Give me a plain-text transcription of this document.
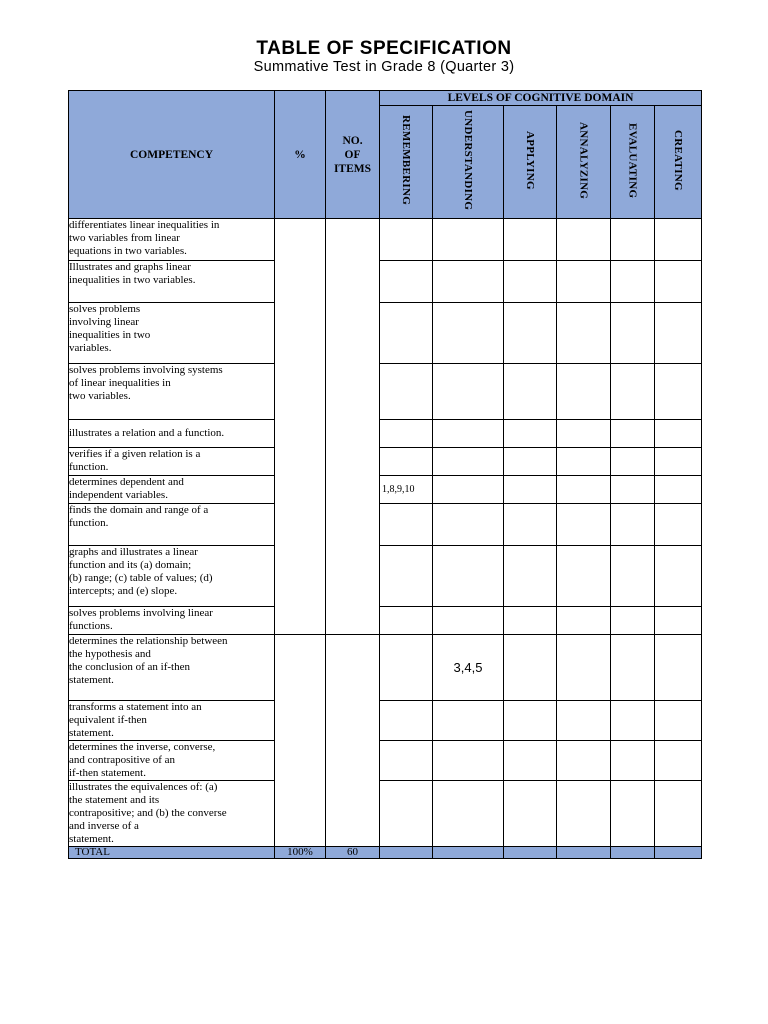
TABLE OF SPECIFICATION
Summative Test in Grade 8 (Quarter 3)
COMPETENCY	%	NO.
OF
ITEMS	LEVELS OF COGNITIVE DOMAIN					
			REMEMBERING	UNDERSTANDING	APPLYING	ANNALYZING	EVALUATING	CREATING

differentiates linear inequalities in
two variables from linear
equations in two variables.								

Illustrates and graphs linear
inequalities in two variables.								

solves problems
involving linear
inequalities in two
variables.								

solves problems involving systems
of linear inequalities in
two variables.								

illustrates a relation and a function.								

verifies if a given relation is a
function.								

determines dependent and
independent variables.			1,8,9,10					

finds the domain and range of a
function.								

graphs and illustrates a linear
function and its (a) domain;
(b) range; (c) table of values; (d)
intercepts; and (e) slope.								

solves problems involving linear
functions.								

determines the relationship between
the hypothesis and
the conclusion of an if-then
statement.				3,4,5				

transforms a statement into an
equivalent if-then
statement.								

determines the inverse, converse,
and contrapositive of an
if-then statement.								

illustrates the equivalences of: (a)
the statement and its
contrapositive; and (b) the converse
and inverse of a
statement.								

TOTAL	100%	60						
